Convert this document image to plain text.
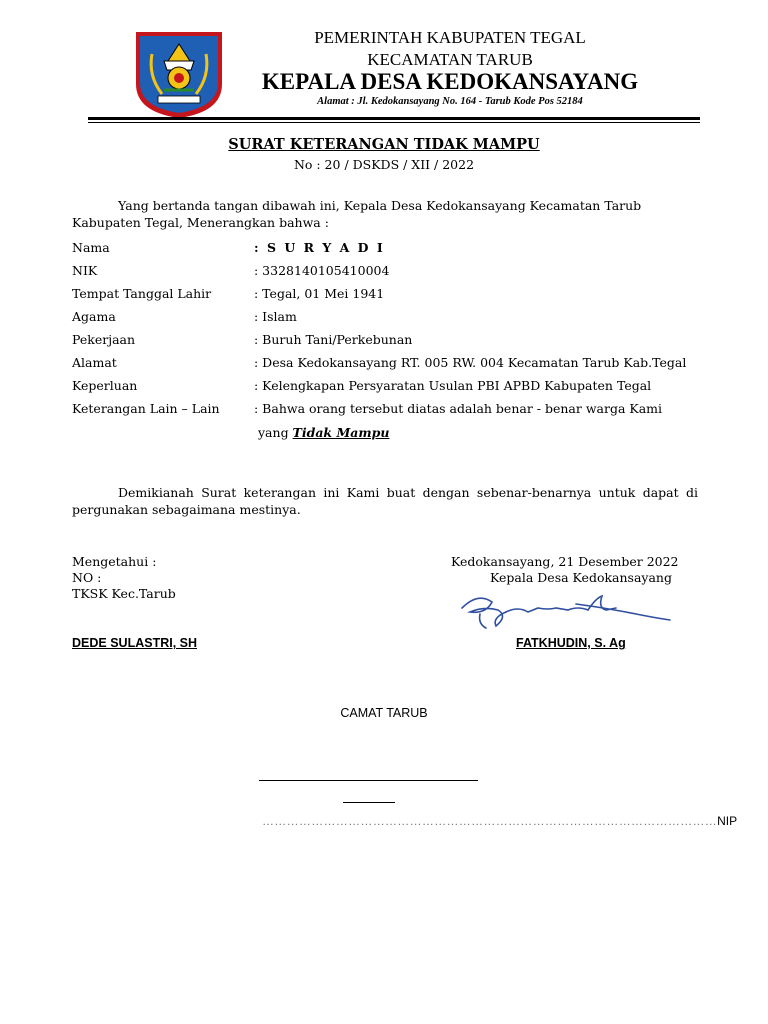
PEMERINTAH KABUPATEN TEGAL
KECAMATAN TARUB
KEPALA DESA KEDOKANSAYANG
Alamat : Jl. Kedokansayang No. 164 - Tarub Kode Pos 52184
SURAT KETERANGAN TIDAK MAMPU
No : 20 / DSKDS / XII / 2022
Yang bertanda tangan dibawah ini, Kepala Desa Kedokansayang Kecamatan Tarub Kabupaten Tegal, Menerangkan bahwa :
Nama	: S U R Y A D I
NIK	: 3328140105410004
Tempat Tanggal Lahir	: Tegal, 01 Mei 1941
Agama	: Islam
Pekerjaan	: Buruh Tani/Perkebunan
Alamat	: Desa Kedokansayang RT. 005 RW. 004 Kecamatan Tarub Kab.Tegal
Keperluan	: Kelengkapan Persyaratan Usulan PBI APBD Kabupaten Tegal
Keterangan Lain – Lain	: Bahwa orang tersebut diatas adalah benar - benar warga Kami
yang Tidak Mampu
Demikianah Surat keterangan ini Kami buat dengan sebenar-benarnya untuk dapat di pergunakan sebagaimana mestinya.
Mengetahui :
NO :
TKSK Kec.Tarub
DEDE SULASTRI, SH
Kedokansayang, 21 Desember 2022
Kepala Desa Kedokansayang
FATKHUDIN, S. Ag
CAMAT TARUB
…………………………………………………………………………………………………NIP
